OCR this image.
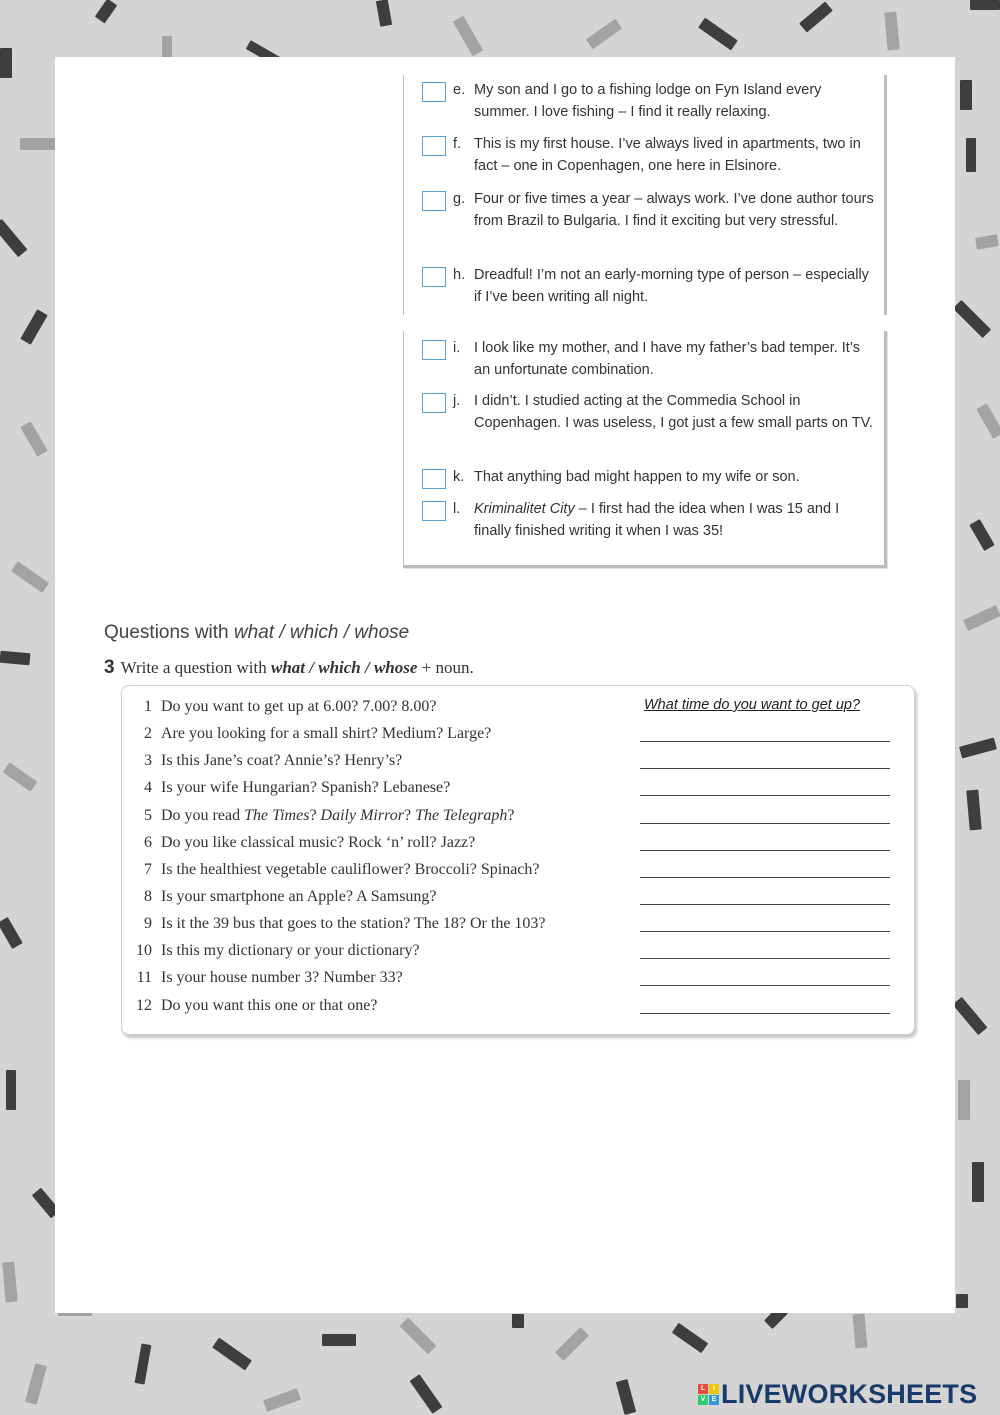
e. My son and I go to a fishing lodge on Fyn Island every summer. I love fishing – I find it really relaxing.
f. This is my first house. I’ve always lived in apartments, two in fact – one in Copenhagen, one here in Elsinore.
g. Four or five times a year – always work. I’ve done author tours from Brazil to Bulgaria. I find it exciting but very stressful.
h. Dreadful! I’m not an early-morning type of person – especially if I’ve been writing all night.
i. I look like my mother, and I have my father’s bad temper. It’s an unfortunate combination.
j. I didn’t. I studied acting at the Commedia School in Copenhagen. I was useless, I got just a few small parts on TV.
k. That anything bad might happen to my wife or son.
l. Kriminalitet City – I first had the idea when I was 15 and I finally finished writing it when I was 35!
Questions with what / which / whose
3 Write a question with what / which / whose + noun.
1 Do you want to get up at 6.00? 7.00? 8.00?	What time do you want to get up?
2 Are you looking for a small shirt? Medium? Large?
3 Is this Jane’s coat? Annie’s? Henry’s?
4 Is your wife Hungarian? Spanish? Lebanese?
5 Do you read The Times? Daily Mirror? The Telegraph?
6 Do you like classical music? Rock ‘n’ roll? Jazz?
7 Is the healthiest vegetable cauliflower? Broccoli? Spinach?
8 Is your smartphone an Apple? A Samsung?
9 Is it the 39 bus that goes to the station? The 18? Or the 103?
10 Is this my dictionary or your dictionary?
11 Is your house number 3? Number 33?
12 Do you want this one or that one?
L	I
V E LIVEWORKSHEETS
